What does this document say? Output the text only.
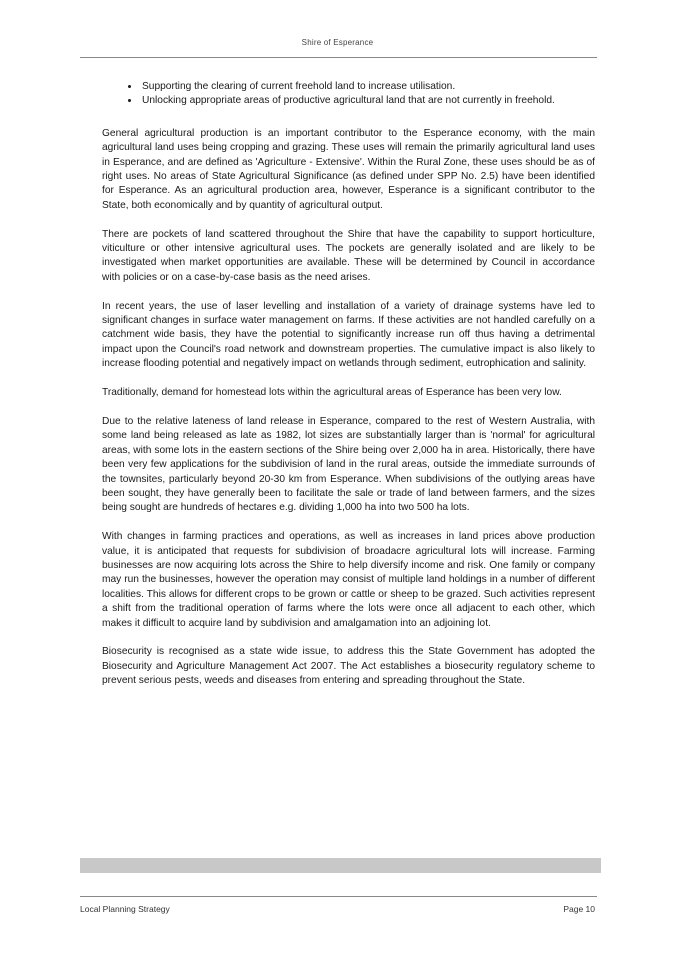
Shire of Esperance
• Supporting the clearing of current freehold land to increase utilisation.
• Unlocking appropriate areas of productive agricultural land that are not currently in freehold.

General agricultural production is an important contributor to the Esperance economy, with the main agricultural land uses being cropping and grazing. These uses will remain the primarily agricultural land uses in Esperance, and are defined as 'Agriculture - Extensive'. Within the Rural Zone, these uses should be as of right uses. No areas of State Agricultural Significance (as defined under SPP No. 2.5) have been identified for Esperance. As an agricultural production area, however, Esperance is a significant contributor to the State, both economically and by quantity of agricultural output.

There are pockets of land scattered throughout the Shire that have the capability to support horticulture, viticulture or other intensive agricultural uses. The pockets are generally isolated and are likely to be investigated when market opportunities are available. These will be determined by Council in accordance with policies or on a case-by-case basis as the need arises.

In recent years, the use of laser levelling and installation of a variety of drainage systems have led to significant changes in surface water management on farms. If these activities are not handled carefully on a catchment wide basis, they have the potential to significantly increase run off thus having a detrimental impact upon the Council's road network and downstream properties. The cumulative impact is also likely to increase flooding potential and negatively impact on wetlands through sediment, eutrophication and salinity.

Traditionally, demand for homestead lots within the agricultural areas of Esperance has been very low.

Due to the relative lateness of land release in Esperance, compared to the rest of Western Australia, with some land being released as late as 1982, lot sizes are substantially larger than is 'normal' for agricultural areas, with some lots in the eastern sections of the Shire being over 2,000 ha in area. Historically, there have been very few applications for the subdivision of land in the rural areas, outside the immediate surrounds of the townsites, particularly beyond 20-30 km from Esperance. When subdivisions of the outlying areas have been sought, they have generally been to facilitate the sale or trade of land between farmers, and the sizes being sought are hundreds of hectares e.g. dividing 1,000 ha into two 500 ha lots.

With changes in farming practices and operations, as well as increases in land prices above production value, it is anticipated that requests for subdivision of broadacre agricultural lots will increase. Farming businesses are now acquiring lots across the Shire to help diversify income and risk. One family or company may run the businesses, however the operation may consist of multiple land holdings in a number of different localities. This allows for different crops to be grown or cattle or sheep to be grazed. Such activities represent a shift from the traditional operation of farms where the lots were once all adjacent to each other, which makes it difficult to acquire land by subdivision and amalgamation into an adjoining lot.

Biosecurity is recognised as a state wide issue, to address this the State Government has adopted the Biosecurity and Agriculture Management Act 2007. The Act establishes a biosecurity regulatory scheme to prevent serious pests, weeds and diseases from entering and spreading throughout the State.

Local Planning Strategy	Page 10
